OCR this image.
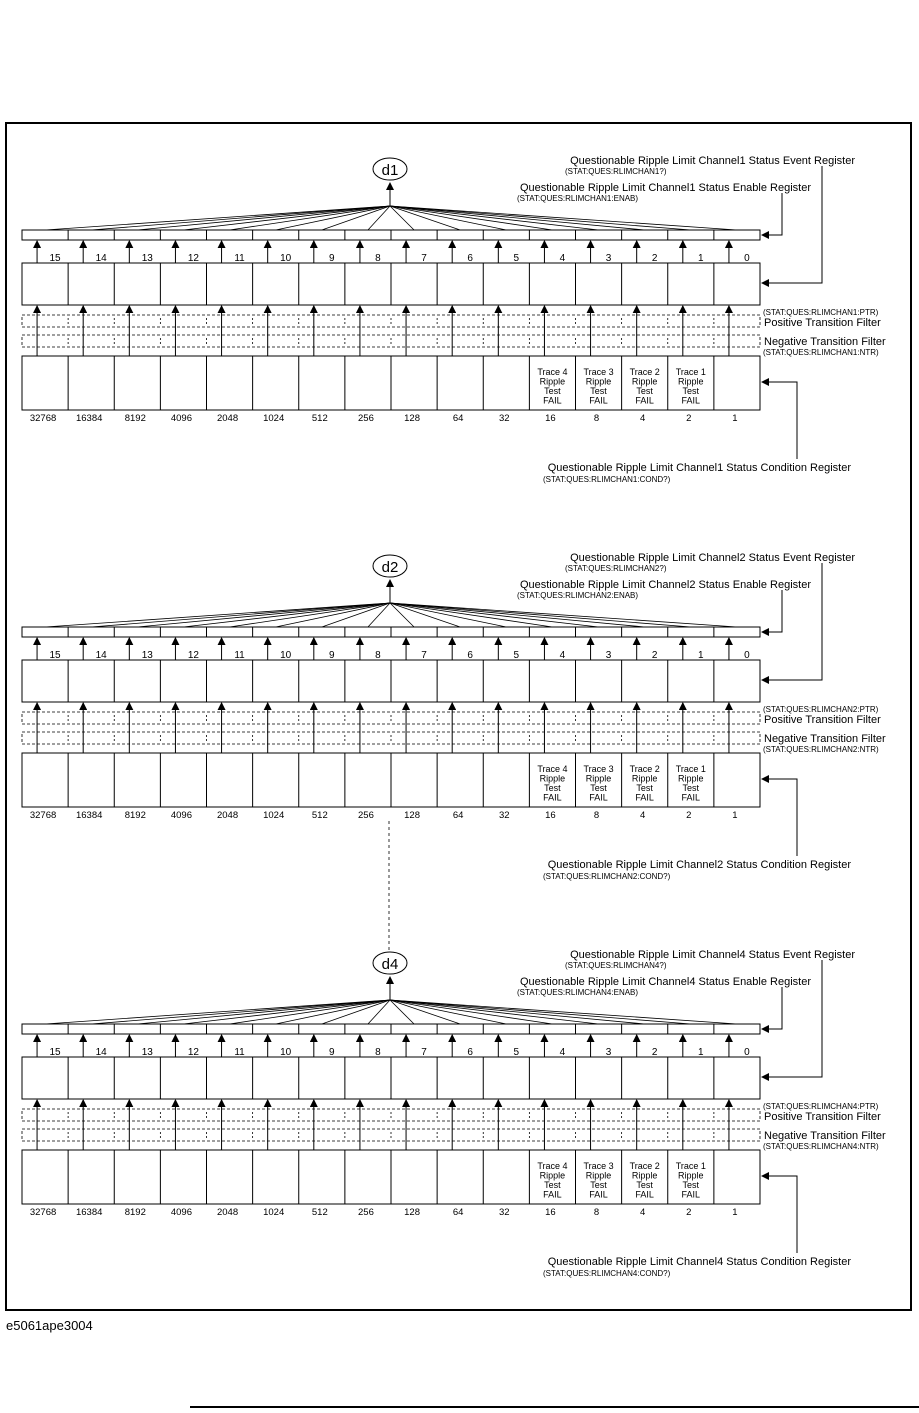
d1
15	14	13	12	11	10	9	8	7	6	5	4	3	2	1	0
Trace 1
Ripple
Test
FAIL
Trace 2
Ripple
Test
FAIL
Trace 3
Ripple
Test
FAIL
Trace 4
Ripple
Test
FAIL
32768 16384 8192	4096	2048	1024	512	256	128	64	32	16	8	4	2	1
Questionable Ripple Limit Channel1 Status Event Register
(STAT:QUES:RLIMCHAN1?)
Questionable Ripple Limit Channel1 Status Enable Register
(STAT:QUES:RLIMCHAN1:ENAB)
(STAT:QUES:RLIMCHAN1:PTR)
Positive Transition Filter
Negative Transition Filter
(STAT:QUES:RLIMCHAN1:NTR)
Questionable Ripple Limit Channel1 Status Condition Register
(STAT:QUES:RLIMCHAN1:COND?)
d2
15	14	13	12	11	10	9	8	7	6	5	4	3	2	1	0
Trace 1
Ripple
Test
FAIL
Trace 2
Ripple
Test
FAIL
Trace 3
Ripple
Test
FAIL
Trace 4
Ripple
Test
FAIL
32768 16384 8192	4096	2048	1024	512	256	128	64	32	16	8	4	2	1
Questionable Ripple Limit Channel2 Status Event Register
(STAT:QUES:RLIMCHAN2?)
Questionable Ripple Limit Channel2 Status Enable Register
(STAT:QUES:RLIMCHAN2:ENAB)
(STAT:QUES:RLIMCHAN2:PTR)
Positive Transition Filter
Negative Transition Filter
(STAT:QUES:RLIMCHAN2:NTR)
Questionable Ripple Limit Channel2 Status Condition Register
(STAT:QUES:RLIMCHAN2:COND?)
d4
15	14	13	12	11	10	9	8	7	6	5	4	3	2	1	0
Trace 1
Ripple
Test
FAIL
Trace 2
Ripple
Test
FAIL
Trace 3
Ripple
Test
FAIL
Trace 4
Ripple
Test
FAIL
32768 16384 8192	4096	2048	1024	512	256	128	64	32	16	8	4	2	1
Questionable Ripple Limit Channel4 Status Event Register
(STAT:QUES:RLIMCHAN4?)
Questionable Ripple Limit Channel4 Status Enable Register
(STAT:QUES:RLIMCHAN4:ENAB)
(STAT:QUES:RLIMCHAN4:PTR)
Positive Transition Filter
Negative Transition Filter
(STAT:QUES:RLIMCHAN4:NTR)
Questionable Ripple Limit Channel4 Status Condition Register
(STAT:QUES:RLIMCHAN4:COND?)
e5061ape3004
